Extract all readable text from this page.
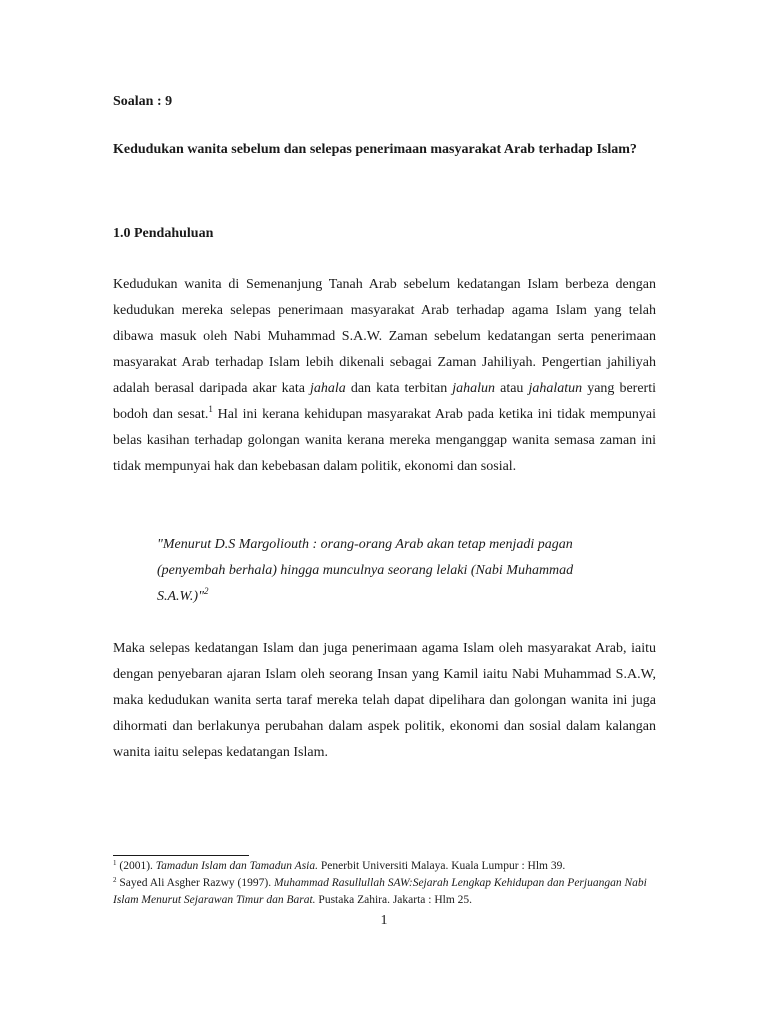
Soalan : 9
Kedudukan wanita sebelum dan selepas penerimaan masyarakat Arab terhadap Islam?
1.0 Pendahuluan

Kedudukan wanita di Semenanjung Tanah Arab sebelum kedatangan Islam berbeza dengan kedudukan mereka selepas penerimaan masyarakat Arab terhadap agama Islam yang telah dibawa masuk oleh Nabi Muhammad S.A.W. Zaman sebelum kedatangan serta penerimaan masyarakat Arab terhadap Islam lebih dikenali sebagai Zaman Jahiliyah. Pengertian jahiliyah adalah berasal daripada akar kata jahala dan kata terbitan jahalun atau jahalatun yang bererti bodoh dan sesat.$^1$ Hal ini kerana kehidupan masyarakat Arab pada ketika ini tidak mempunyai belas kasihan terhadap golongan wanita kerana mereka menganggap wanita semasa zaman ini tidak mempunyai hak dan kebebasan dalam politik, ekonomi dan sosial.

"Menurut D.S Margoliouth : orang-orang Arab akan tetap menjadi pagan (penyembah berhala) hingga munculnya seorang lelaki (Nabi Muhammad S.A.W.)"$^2$

Maka selepas kedatangan Islam dan juga penerimaan agama Islam oleh masyarakat Arab, iaitu dengan penyebaran ajaran Islam oleh seorang Insan yang Kamil iaitu Nabi Muhammad S.A.W, maka kedudukan wanita serta taraf mereka telah dapat dipelihara dan golongan wanita ini juga dihormati dan berlakunya perubahan dalam aspek politik, ekonomi dan sosial dalam kalangan wanita iaitu selepas kedatangan Islam.

$^1$ (2001). Tamadun Islam dan Tamadun Asia. Penerbit Universiti Malaya. Kuala Lumpur : Hlm 39.

$^2$ Sayed Ali Asgher Razwy (1997). Muhammad Rasullullah SAW:Sejarah Lengkap Kehidupan dan Perjuangan Nabi Islam Menurut Sejarawan Timur dan Barat. Pustaka Zahira. Jakarta : Hlm 25.

1
